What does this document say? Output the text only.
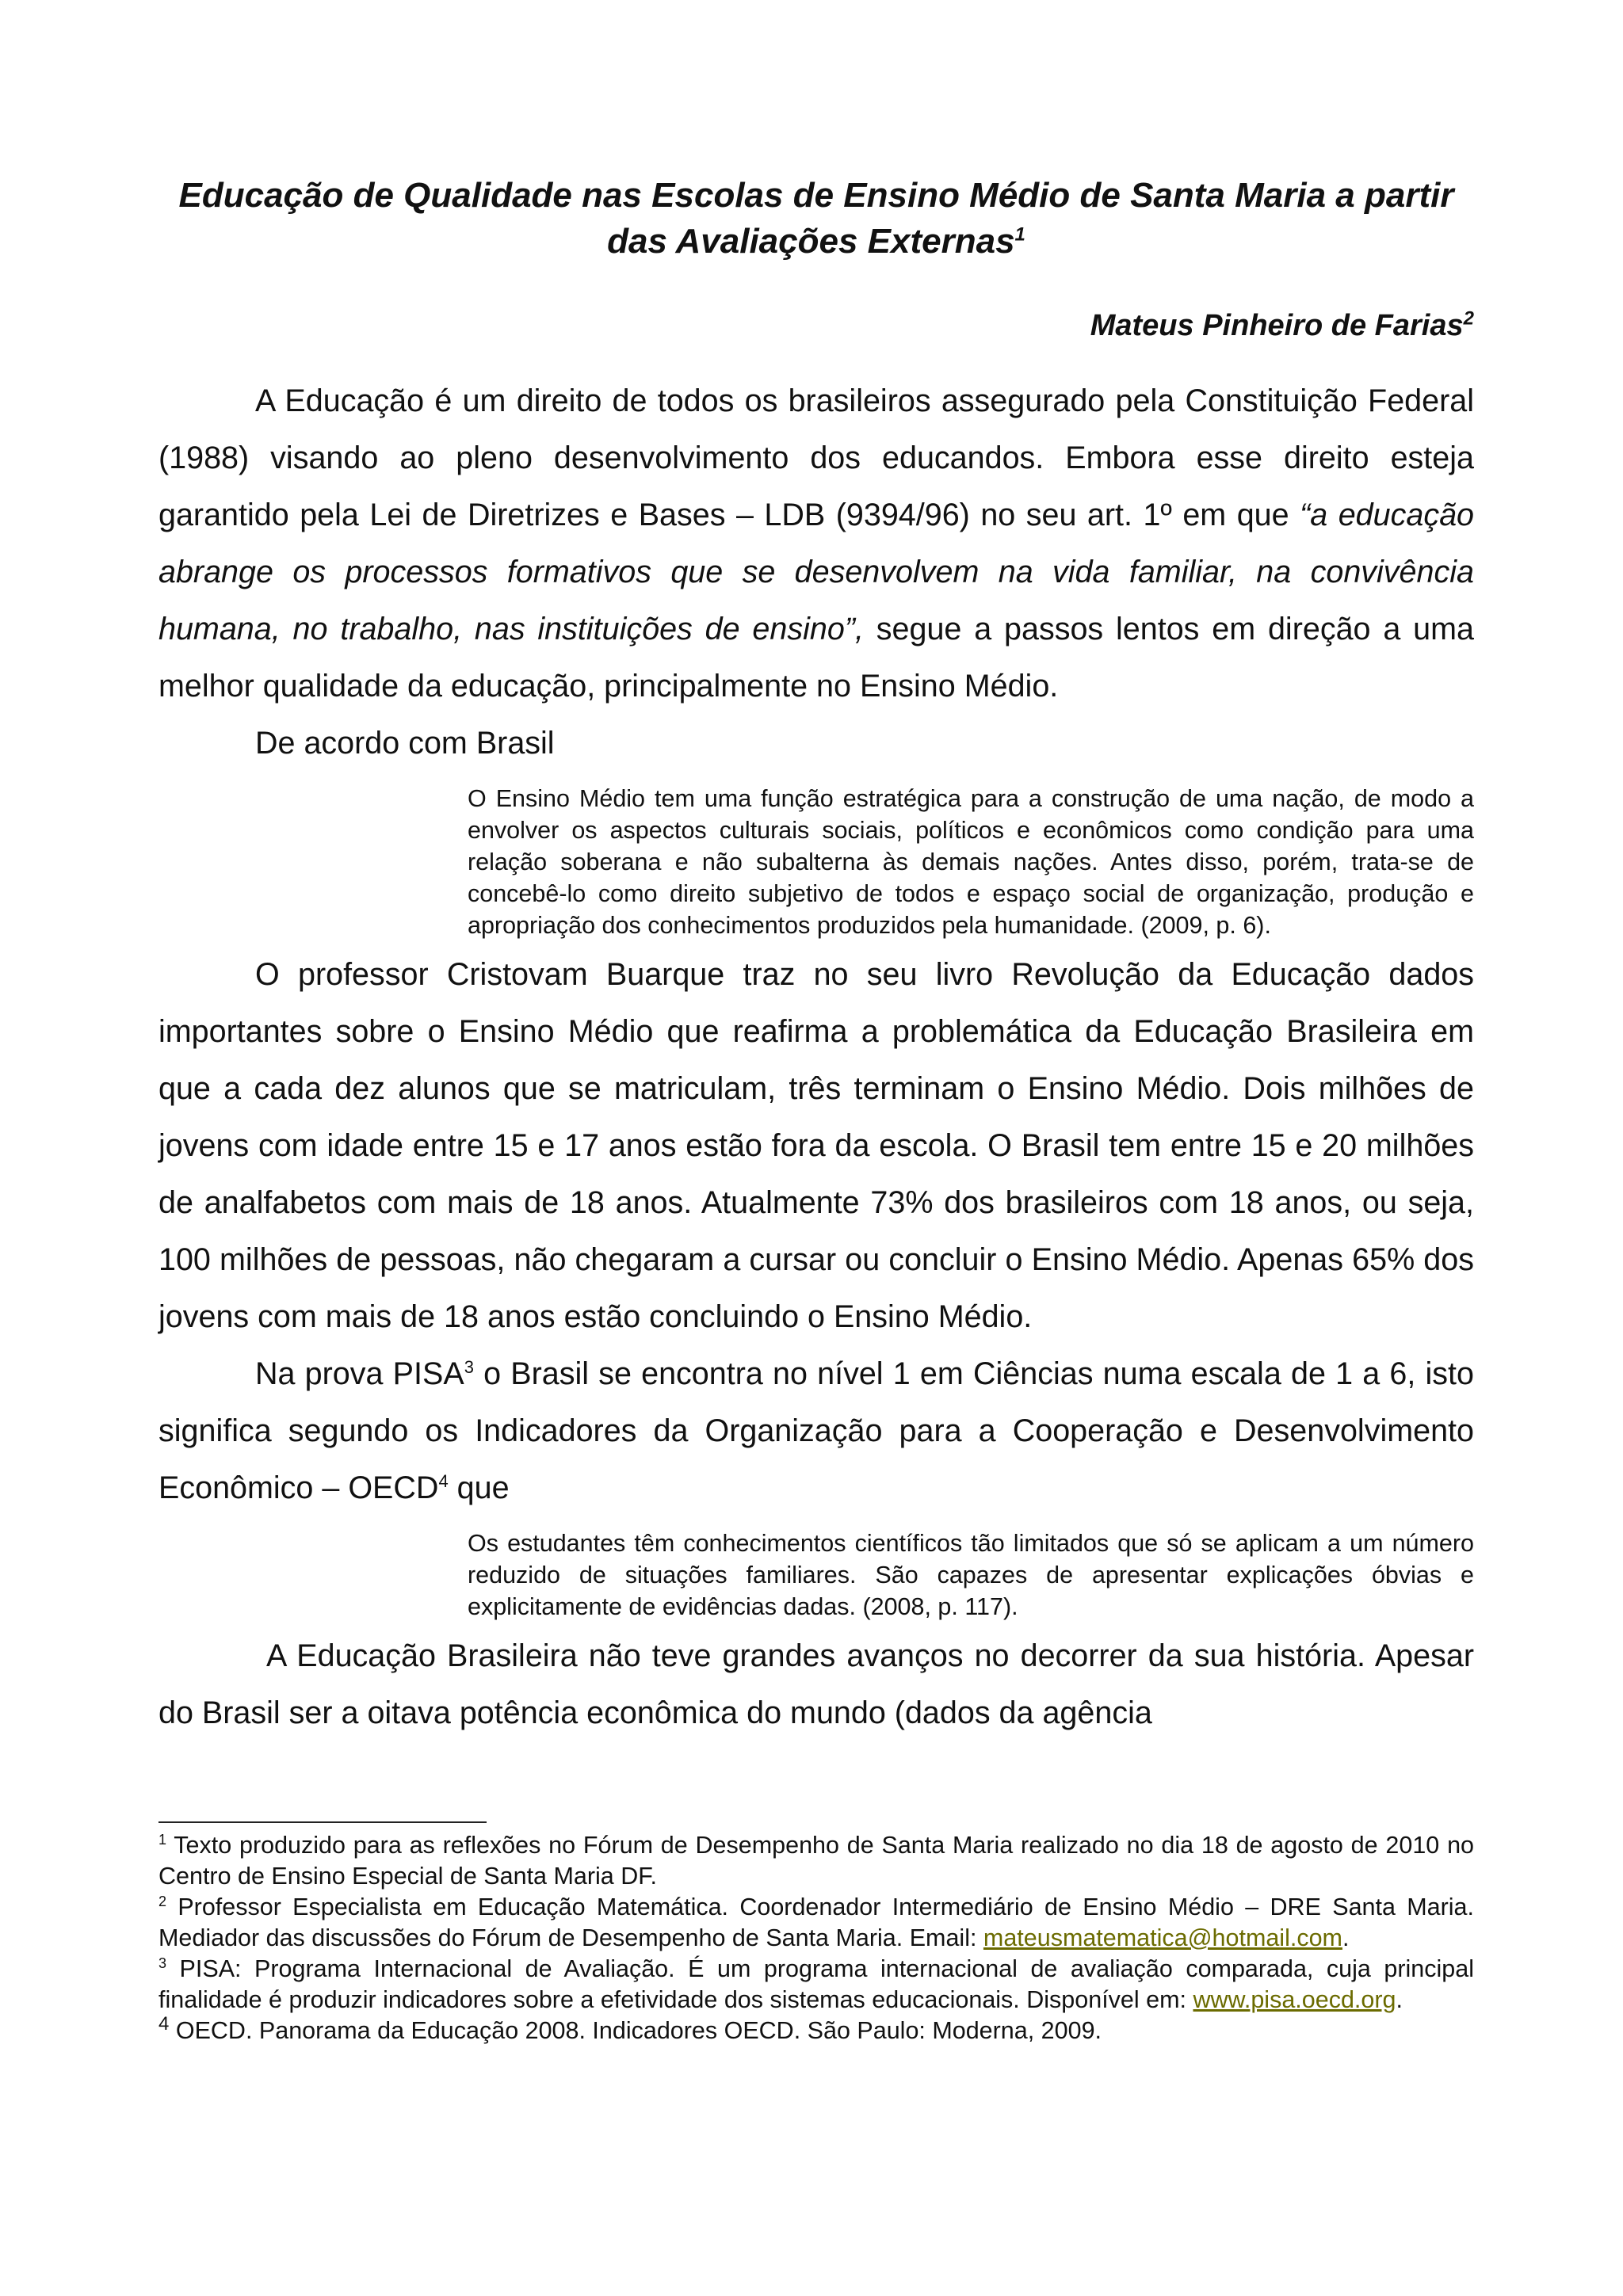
Educação de Qualidade nas Escolas de Ensino Médio de Santa Maria a partir das Avaliações Externas$^1$
Mateus Pinheiro de Farias$^2$

A Educação é um direito de todos os brasileiros assegurado pela Constituição Federal (1988) visando ao pleno desenvolvimento dos educandos. Embora esse direito esteja garantido pela Lei de Diretrizes e Bases – LDB (9394/96) no seu art. 1º em que “a educação abrange os processos formativos que se desenvolvem na vida familiar, na convivência humana, no trabalho, nas instituições de ensino”, segue a passos lentos em direção a uma melhor qualidade da educação, principalmente no Ensino Médio.

De acordo com Brasil

O Ensino Médio tem uma função estratégica para a construção de uma nação, de modo a envolver os aspectos culturais sociais, políticos e econômicos como condição para uma relação soberana e não subalterna às demais nações. Antes disso, porém, trata-se de concebê-lo como direito subjetivo de todos e espaço social de organização, produção e apropriação dos conhecimentos produzidos pela humanidade. (2009, p. 6).

O professor Cristovam Buarque traz no seu livro Revolução da Educação dados importantes sobre o Ensino Médio que reafirma a problemática da Educação Brasileira em que a cada dez alunos que se matriculam, três terminam o Ensino Médio. Dois milhões de jovens com idade entre 15 e 17 anos estão fora da escola. O Brasil tem entre 15 e 20 milhões de analfabetos com mais de 18 anos. Atualmente 73% dos brasileiros com 18 anos, ou seja, 100 milhões de pessoas, não chegaram a cursar ou concluir o Ensino Médio. Apenas 65% dos jovens com mais de 18 anos estão concluindo o Ensino Médio.

Na prova PISA$^3$ o Brasil se encontra no nível 1 em Ciências numa escala de 1 a 6, isto significa segundo os Indicadores da Organização para a Cooperação e Desenvolvimento Econômico – OECD$^4$ que

Os estudantes têm conhecimentos científicos tão limitados que só se aplicam a um número reduzido de situações familiares. São capazes de apresentar explicações óbvias e explicitamente de evidências dadas. (2008, p. 117).

A Educação Brasileira não teve grandes avanços no decorrer da sua história. Apesar do Brasil ser a oitava potência econômica do mundo (dados da agência

$^1$ Texto produzido para as reflexões no Fórum de Desempenho de Santa Maria realizado no dia 18 de agosto de 2010 no Centro de Ensino Especial de Santa Maria DF.

$^2$ Professor Especialista em Educação Matemática. Coordenador Intermediário de Ensino Médio – DRE Santa Maria. Mediador das discussões do Fórum de Desempenho de Santa Maria. Email: mateusmatematica@hotmail.com.

$^3$ PISA: Programa Internacional de Avaliação. É um programa internacional de avaliação comparada, cuja principal finalidade é produzir indicadores sobre a efetividade dos sistemas educacionais. Disponível em: www.pisa.oecd.org.

$^4$ OECD. Panorama da Educação 2008. Indicadores OECD. São Paulo: Moderna, 2009.
